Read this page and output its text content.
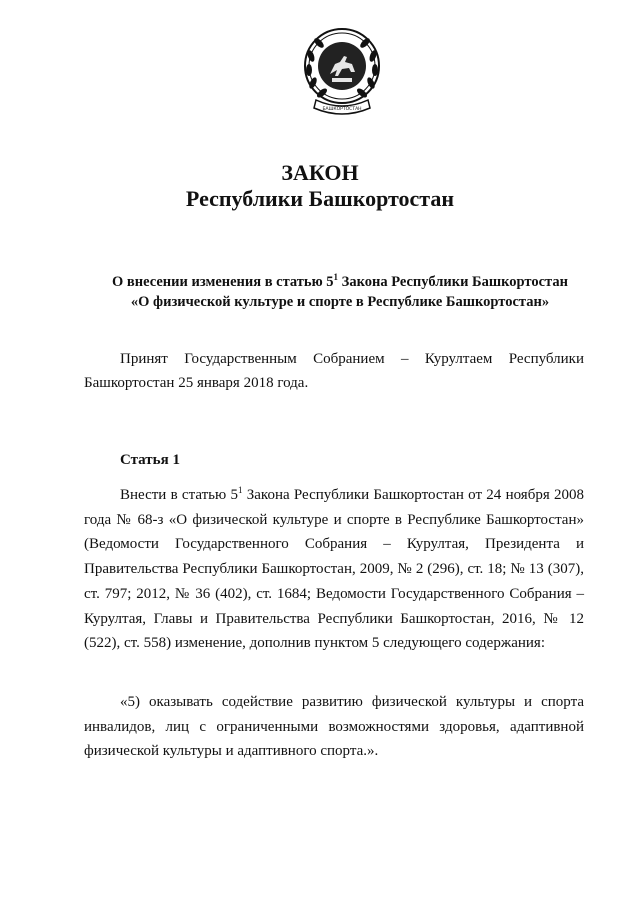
БАШКОРТОСТАН
ЗАКОН
Республики Башкортостан
О внесении изменения в статью $5^1$ Закона Республики Башкортостан
«О физической культуре и спорте в Республике Башкортостан»
Принят Государственным Собранием – Курултаем Республики Башкортостан 25 января 2018 года.
Статья 1
Внести в статью $5^1$ Закона Республики Башкортостан от 24 ноября 2008 года № 68-з «О физической культуре и спорте в Республике Башкортостан» (Ведомости Государственного Собрания – Курултая, Президента и Правительства Республики Башкортостан, 2009, № 2 (296), ст. 18; № 13 (307), ст. 797; 2012, № 36 (402), ст. 1684; Ведомости Государственного Собрания – Курултая, Главы и Правительства Республики Башкортостан, 2016, № 12 (522), ст. 558) изменение, дополнив пунктом 5 следующего содержания:
«5) оказывать содействие развитию физической культуры и спорта инвалидов, лиц с ограниченными возможностями здоровья, адаптивной физической культуры и адаптивного спорта.».
